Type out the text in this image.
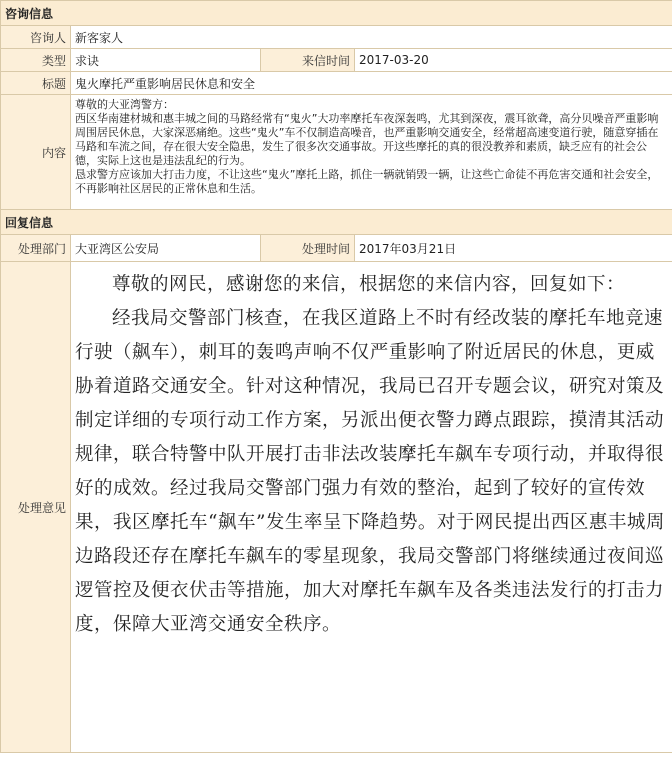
咨询信息			
咨询人	新客家人		
类型	求诀	来信时间	2017-03-20
标题	鬼火摩托严重影响居民休息和安全		
内容	尊敬的大亚湾警方：
西区华南建材城和惠丰城之间的马路经常有“鬼火”大功率摩托车夜深轰鸣，尤其到深夜，震耳欲聋，高分贝噪音严重影响周围居民休息，大家深恶痛绝。这些“鬼火”车不仅制造高噪音，也严重影响交通安全，经常超高速变道行驶，随意穿插在马路和车流之间，存在很大安全隐患，发生了很多次交通事故。开这些摩托的真的很没教养和素质，缺乏应有的社会公德，实际上这也是违法乱纪的行为。
恳求警方应该加大打击力度，不让这些“鬼火”摩托上路，抓住一辆就销毁一辆，让这些亡命徒不再危害交通和社会安全，不再影响社区居民的正常休息和生活。		

回复信息			
处理部门	大亚湾区公安局	处理时间	2017年03月21日
处理意见	尊敬的网民，感谢您的来信，根据您的来信内容，回复如下：

经我局交警部门核查，在我区道路上不时有经改装的摩托车地竞速行驶（飙车），刺耳的轰鸣声响不仅严重影响了附近居民的休息，更威胁着道路交通安全。针对这种情况，我局已召开专题会议，研究对策及制定详细的专项行动工作方案，另派出便衣警力蹲点跟踪，摸清其活动规律，联合特警中队开展打击非法改装摩托车飙车专项行动，并取得很好的成效。经过我局交警部门强力有效的整治，起到了较好的宣传效果，我区摩托车“飙车”发生率呈下降趋势。对于网民提出西区惠丰城周边路段还存在摩托车飙车的零星现象，我局交警部门将继续通过夜间巡逻管控及便衣伏击等措施，加大对摩托车飙车及各类违法发行的打击力度，保障大亚湾交通安全秩序。		
